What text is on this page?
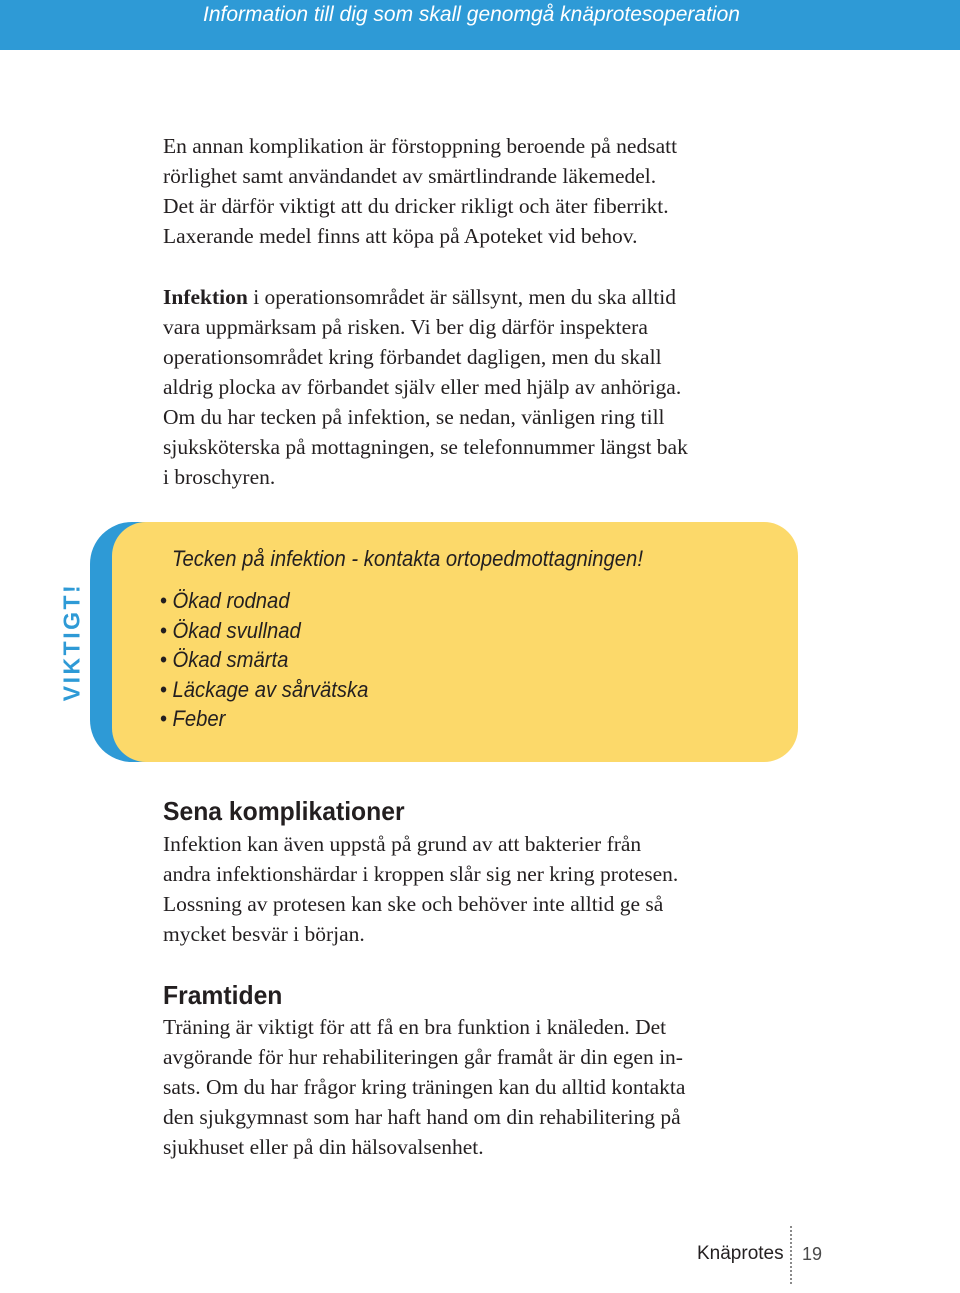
Information till dig som skall genomgå knäprotesoperation

En annan komplikation är förstoppning beroende på nedsatt
rörlighet samt användandet av smärtlindrande läkemedel.
Det är därför viktigt att du dricker rikligt och äter fiberrikt.
Laxerande medel finns att köpa på Apoteket vid behov.

Infektion i operationsområdet är sällsynt, men du ska alltid
vara uppmärksam på risken. Vi ber dig därför inspektera
operationsområdet kring förbandet dagligen, men du skall
aldrig plocka av förbandet själv eller med hjälp av anhöriga.
Om du har tecken på infektion, se nedan, vänligen ring till
sjuksköterska på mottagningen, se telefonnummer längst bak
i broschyren.

VIKTIGT!
Tecken på infektion - kontakta ortopedmottagningen!
• Ökad rodnad
• Ökad svullnad
• Ökad smärta
• Läckage av sårvätska
• Feber
Sena komplikationer

Infektion kan även uppstå på grund av att bakterier från
andra infektionshärdar i kroppen slår sig ner kring protesen.
Lossning av protesen kan ske och behöver inte alltid ge så
mycket besvär i början.

Framtiden

Träning är viktigt för att få en bra funktion i knäleden. Det
avgörande för hur rehabiliteringen går framåt är din egen in-
sats. Om du har frågor kring träningen kan du alltid kontakta
den sjukgymnast som har haft hand om din rehabilitering på
sjukhuset eller på din hälsovalsenhet.

Knäprotes 19
